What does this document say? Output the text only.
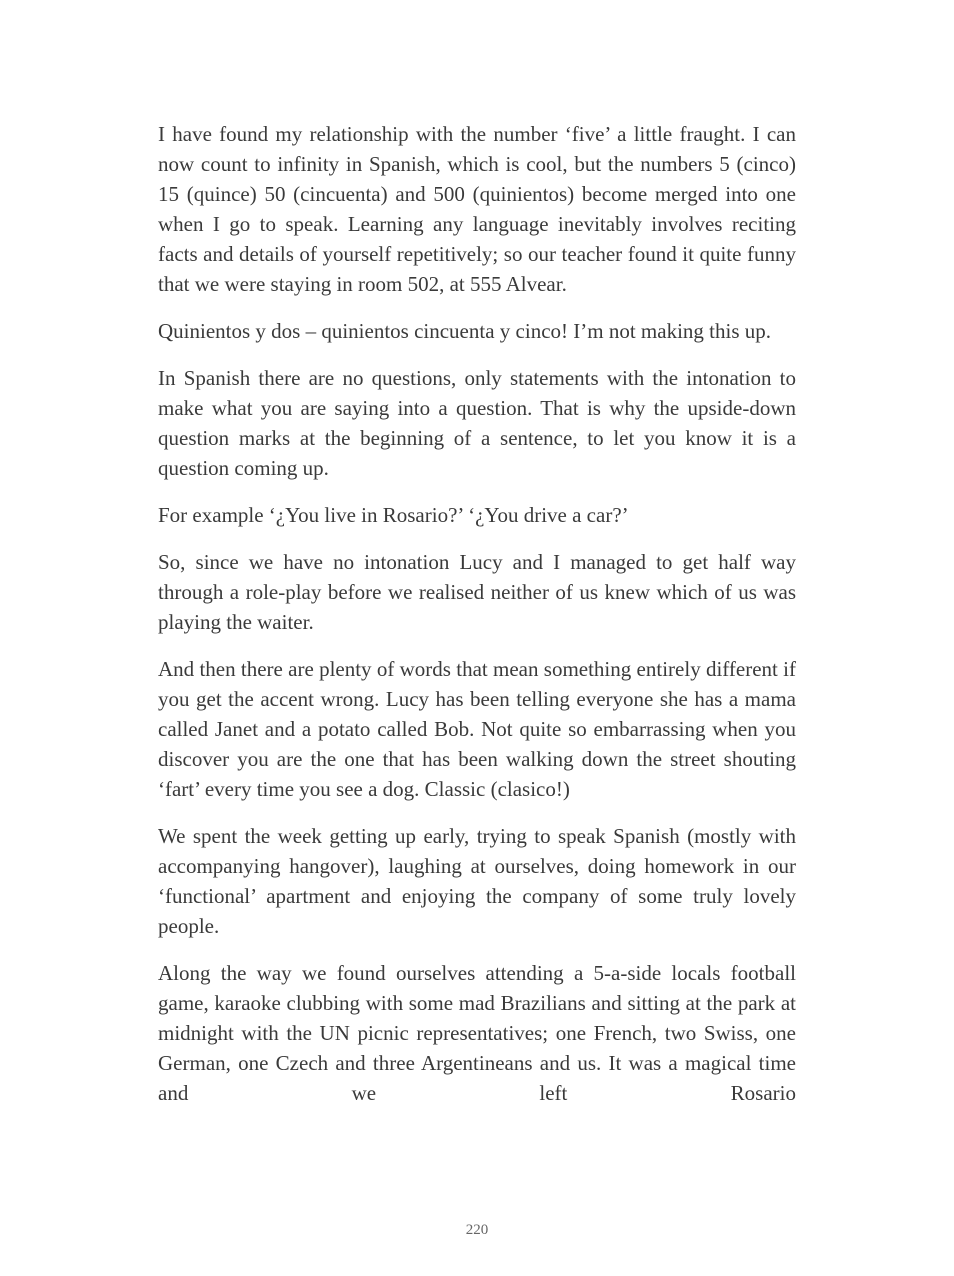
I have found my relationship with the number ‘five’ a little fraught. I can now count to infinity in Spanish, which is cool, but the numbers 5 (cinco) 15 (quince) 50 (cincuenta) and 500 (quinientos) become merged into one when I go to speak. Learning any language inevitably involves reciting facts and details of yourself repetitively; so our teacher found it quite funny that we were staying in room 502, at 555 Alvear.

Quinientos y dos – quinientos cincuenta y cinco! I’m not making this up.

In Spanish there are no questions, only statements with the intonation to make what you are saying into a question. That is why the upside-down question marks at the beginning of a sentence, to let you know it is a question coming up.

For example ‘¿You live in Rosario?’ ‘¿You drive a car?’

So, since we have no intonation Lucy and I managed to get half way through a role-play before we realised neither of us knew which of us was playing the waiter.

And then there are plenty of words that mean something entirely different if you get the accent wrong. Lucy has been telling everyone she has a mama called Janet and a potato called Bob. Not quite so embarrassing when you discover you are the one that has been walking down the street shouting ‘fart’ every time you see a dog. Classic (clasico!)

We spent the week getting up early, trying to speak Spanish (mostly with accompanying hangover), laughing at ourselves, doing homework in our ‘functional’ apartment and enjoying the company of some truly lovely people.

Along the way we found ourselves attending a 5-a-side locals football game, karaoke clubbing with some mad Brazilians and sitting at the park at midnight with the UN picnic representatives; one French, two Swiss, one German, one Czech and three Argentineans and us. It was a magical time and we left Rosario

220
